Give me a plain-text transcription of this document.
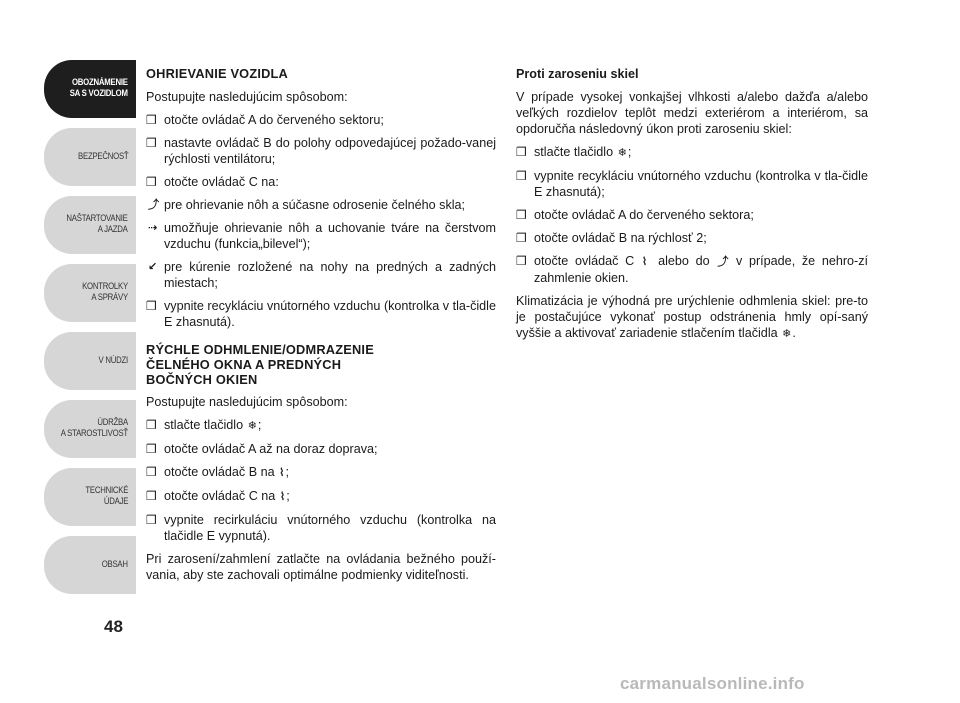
OBOZNÁMENIE
SA S VOZIDLOM
BEZPEČNOSŤ
NAŠTARTOVANIE
A JAZDA
KONTROLKY
A SPRÁVY
V NÚDZI
ÚDRŽBA
A STAROSTLIVOSŤ
TECHNICKÉ
ÚDAJE
OBSAH
48
OHRIEVANIE VOZIDLA
Postupujte nasledujúcim spôsobom:
❒ otočte ovládač A do červeného sektoru;
❒ nastavte ovládač B do polohy odpovedajúcej požado-vanej rýchlosti ventilátoru;
❒ otočte ovládač C na:
⤴ pre ohrievanie nôh a súčasne odrosenie čelného skla;
⇢ umožňuje ohrievanie nôh a uchovanie tváre na čerstvom vzduchu (funkcia„bilevel“);
↙ pre kúrenie rozložené na nohy na predných a zadných miestach;
❒ vypnite recykláciu vnútorného vzduchu (kontrolka v tla-čidle E zhasnutá).
RÝCHLE ODHMLENIE/ODMRAZENIE
ČELNÉHO OKNA A PREDNÝCH
BOČNÝCH OKIEN
Postupujte nasledujúcim spôsobom:
❒ stlačte tlačidlo ❄;
❒ otočte ovládač A až na doraz doprava;
❒ otočte ovládač B na ⌇;
❒ otočte ovládač C na ⌇;
❒ vypnite recirkuláciu vnútorného vzduchu (kontrolka na tlačidle E vypnutá).
Pri zarosení/zahmlení zatlačte na ovládania bežného použí-vania, aby ste zachovali optimálne podmienky viditeľnosti.
Proti zaroseniu skiel
V prípade vysokej vonkajšej vlhkosti a/alebo dažďa a/alebo veľkých rozdielov teplôt medzi exteriérom a interiérom, sa opdoručňa následovný úkon proti zaroseniu skiel:
❒ stlačte tlačidlo ❄;
❒ vypnite recykláciu vnútorného vzduchu (kontrolka v tla-čidle E zhasnutá);
❒ otočte ovládač A do červeného sektora;
❒ otočte ovládač B na rýchlosť 2;
❒ otočte ovládač C ⌇ alebo do ⤴ v prípade, že nehro-zí zahmlenie okien.
Klimatizácia je výhodná pre urýchlenie odhmlenia skiel: pre-to je postačujúce vykonať postup odstránenia hmly opí-saný vyššie a aktivovať zariadenie stlačením tlačidla ❄.
carmanualsonline.info
